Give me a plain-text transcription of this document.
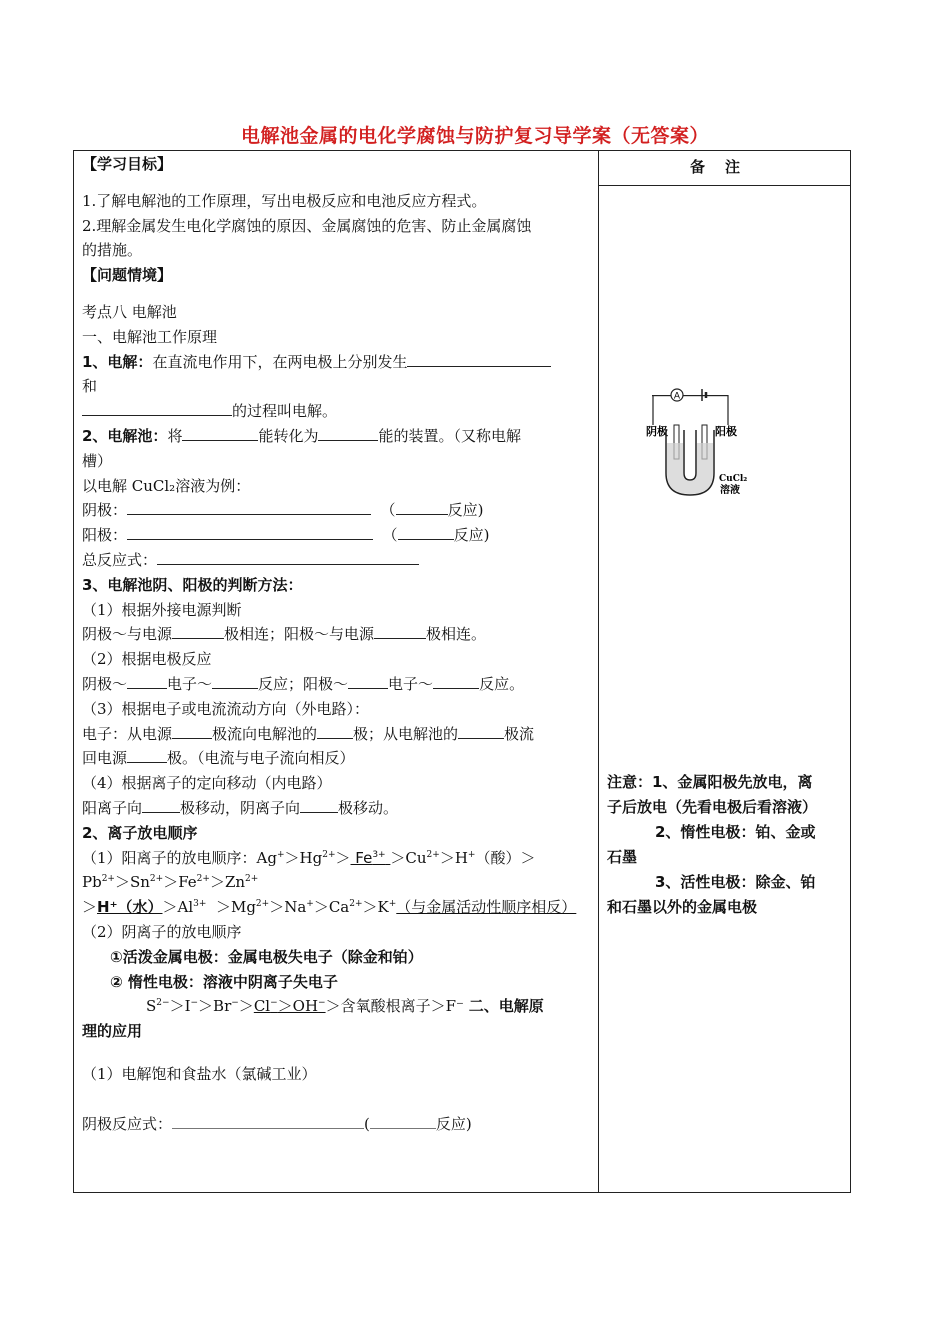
电解池金属的电化学腐蚀与防护复习导学案（无答案）
备注
【学习目标】
1.了解电解池的工作原理，写出电极反应和电池反应方程式。
2.理解金属发生电化学腐蚀的原因、金属腐蚀的危害、防止金属腐蚀
的措施。
【问题情境】
考点八 电解池
一、电解池工作原理
1、电解：在直流电作用下，在两电极上分别发生
和
的过程叫电解。
2、电解池：将	能转化为	能的装置。（又称电解
槽）
以电解 CuCl₂溶液为例：
阴极：	（	反应)
阳极：	（	反应)
总反应式：
3、电解池阴、阳极的判断方法：
（1）根据外接电源判断
阴极～与电源	极相连；阳极～与电源	极相连。
（2）根据电极反应
阴极～	电子～	反应；阳极～	电子～	反应。
（3）根据电子或电流流动方向（外电路）：
电子：从电源	极流向电解池的 极；从电解池的	极流
回电源	极。（电流与电子流向相反）
（4）根据离子的定向移动（内电路）
阳离子向	极移动，阴离子向	极移动。
2、离子放电顺序
（1）阳离子的放电顺序：$Ag^+>Hg^{2+}> Fe^{3+} >Cu^{2+}>H^+$（酸）＞
$Pb^{2+}>Sn^{2+}>Fe^{2+}>Zn^{2+}$
＞H⁺（水）$>Al^{3+} >Mg^{2+}>Na^+>Ca^{2+}>K^+$（与金属活动性顺序相反）
（2）阴离子的放电顺序
①活泼金属电极：金属电极失电子（除金和铂）
② 惰性电极：溶液中阴离子失电子
$S^{2-}>I^->Br^->Cl^->OH^->$含氧酸根离子＞F⁻ 二、电解原
理的应用
（1）电解饱和食盐水（氯碱工业）
阴极反应式：	(	反应)
A
阴极	阳极
CuCl₂
溶液
注意：1、金属阳极先放电，离
子后放电（先看电极后看溶液）
2、惰性电极：铂、金或
石墨
3、活性电极：除金、铂
和石墨以外的金属电极
